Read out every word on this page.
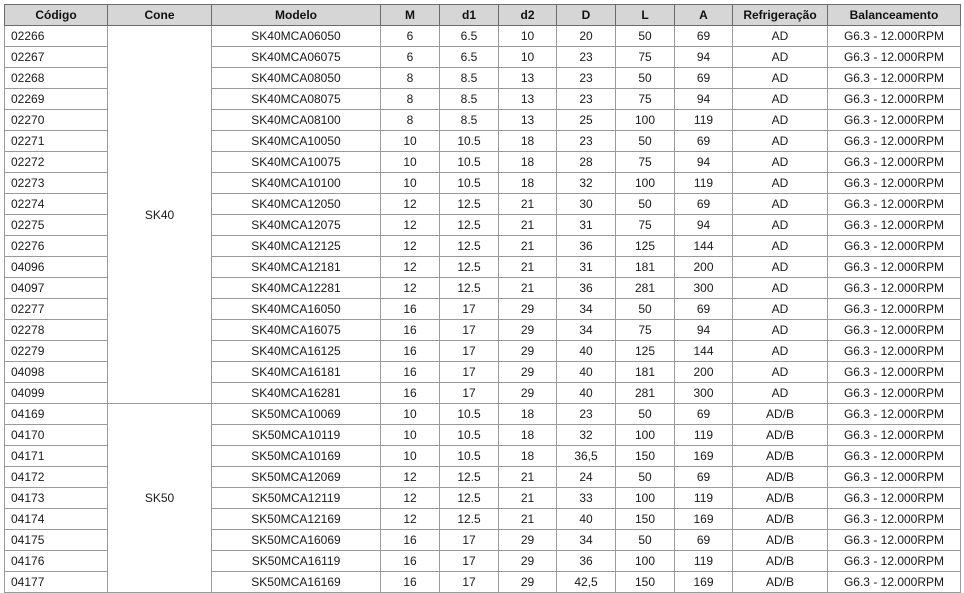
Código	Cone	Modelo	M	d1	d2	D	L	A	Refrigeração	Balanceamento
02266	SK40	SK40MCA06050	6	6.5	10	20	50	69	AD	G6.3 - 12.000RPM
02267		SK40MCA06075	6	6.5	10	23	75	94	AD	G6.3 - 12.000RPM
02268		SK40MCA08050	8	8.5	13	23	50	69	AD	G6.3 - 12.000RPM
02269		SK40MCA08075	8	8.5	13	23	75	94	AD	G6.3 - 12.000RPM
02270		SK40MCA08100	8	8.5	13	25	100	119	AD	G6.3 - 12.000RPM
02271		SK40MCA10050	10	10.5	18	23	50	69	AD	G6.3 - 12.000RPM
02272		SK40MCA10075	10	10.5	18	28	75	94	AD	G6.3 - 12.000RPM
02273		SK40MCA10100	10	10.5	18	32	100	119	AD	G6.3 - 12.000RPM
02274		SK40MCA12050	12	12.5	21	30	50	69	AD	G6.3 - 12.000RPM
02275		SK40MCA12075	12	12.5	21	31	75	94	AD	G6.3 - 12.000RPM
02276		SK40MCA12125	12	12.5	21	36	125	144	AD	G6.3 - 12.000RPM
04096		SK40MCA12181	12	12.5	21	31	181	200	AD	G6.3 - 12.000RPM
04097		SK40MCA12281	12	12.5	21	36	281	300	AD	G6.3 - 12.000RPM
02277		SK40MCA16050	16	17	29	34	50	69	AD	G6.3 - 12.000RPM
02278		SK40MCA16075	16	17	29	34	75	94	AD	G6.3 - 12.000RPM
02279		SK40MCA16125	16	17	29	40	125	144	AD	G6.3 - 12.000RPM
04098		SK40MCA16181	16	17	29	40	181	200	AD	G6.3 - 12.000RPM
04099		SK40MCA16281	16	17	29	40	281	300	AD	G6.3 - 12.000RPM
04169	SK50	SK50MCA10069	10	10.5	18	23	50	69	AD/B	G6.3 - 12.000RPM
04170		SK50MCA10119	10	10.5	18	32	100	119	AD/B	G6.3 - 12.000RPM
04171		SK50MCA10169	10	10.5	18	36,5	150	169	AD/B	G6.3 - 12.000RPM
04172		SK50MCA12069	12	12.5	21	24	50	69	AD/B	G6.3 - 12.000RPM
04173		SK50MCA12119	12	12.5	21	33	100	119	AD/B	G6.3 - 12.000RPM
04174		SK50MCA12169	12	12.5	21	40	150	169	AD/B	G6.3 - 12.000RPM
04175		SK50MCA16069	16	17	29	34	50	69	AD/B	G6.3 - 12.000RPM
04176		SK50MCA16119	16	17	29	36	100	119	AD/B	G6.3 - 12.000RPM
04177		SK50MCA16169	16	17	29	42,5	150	169	AD/B	G6.3 - 12.000RPM
